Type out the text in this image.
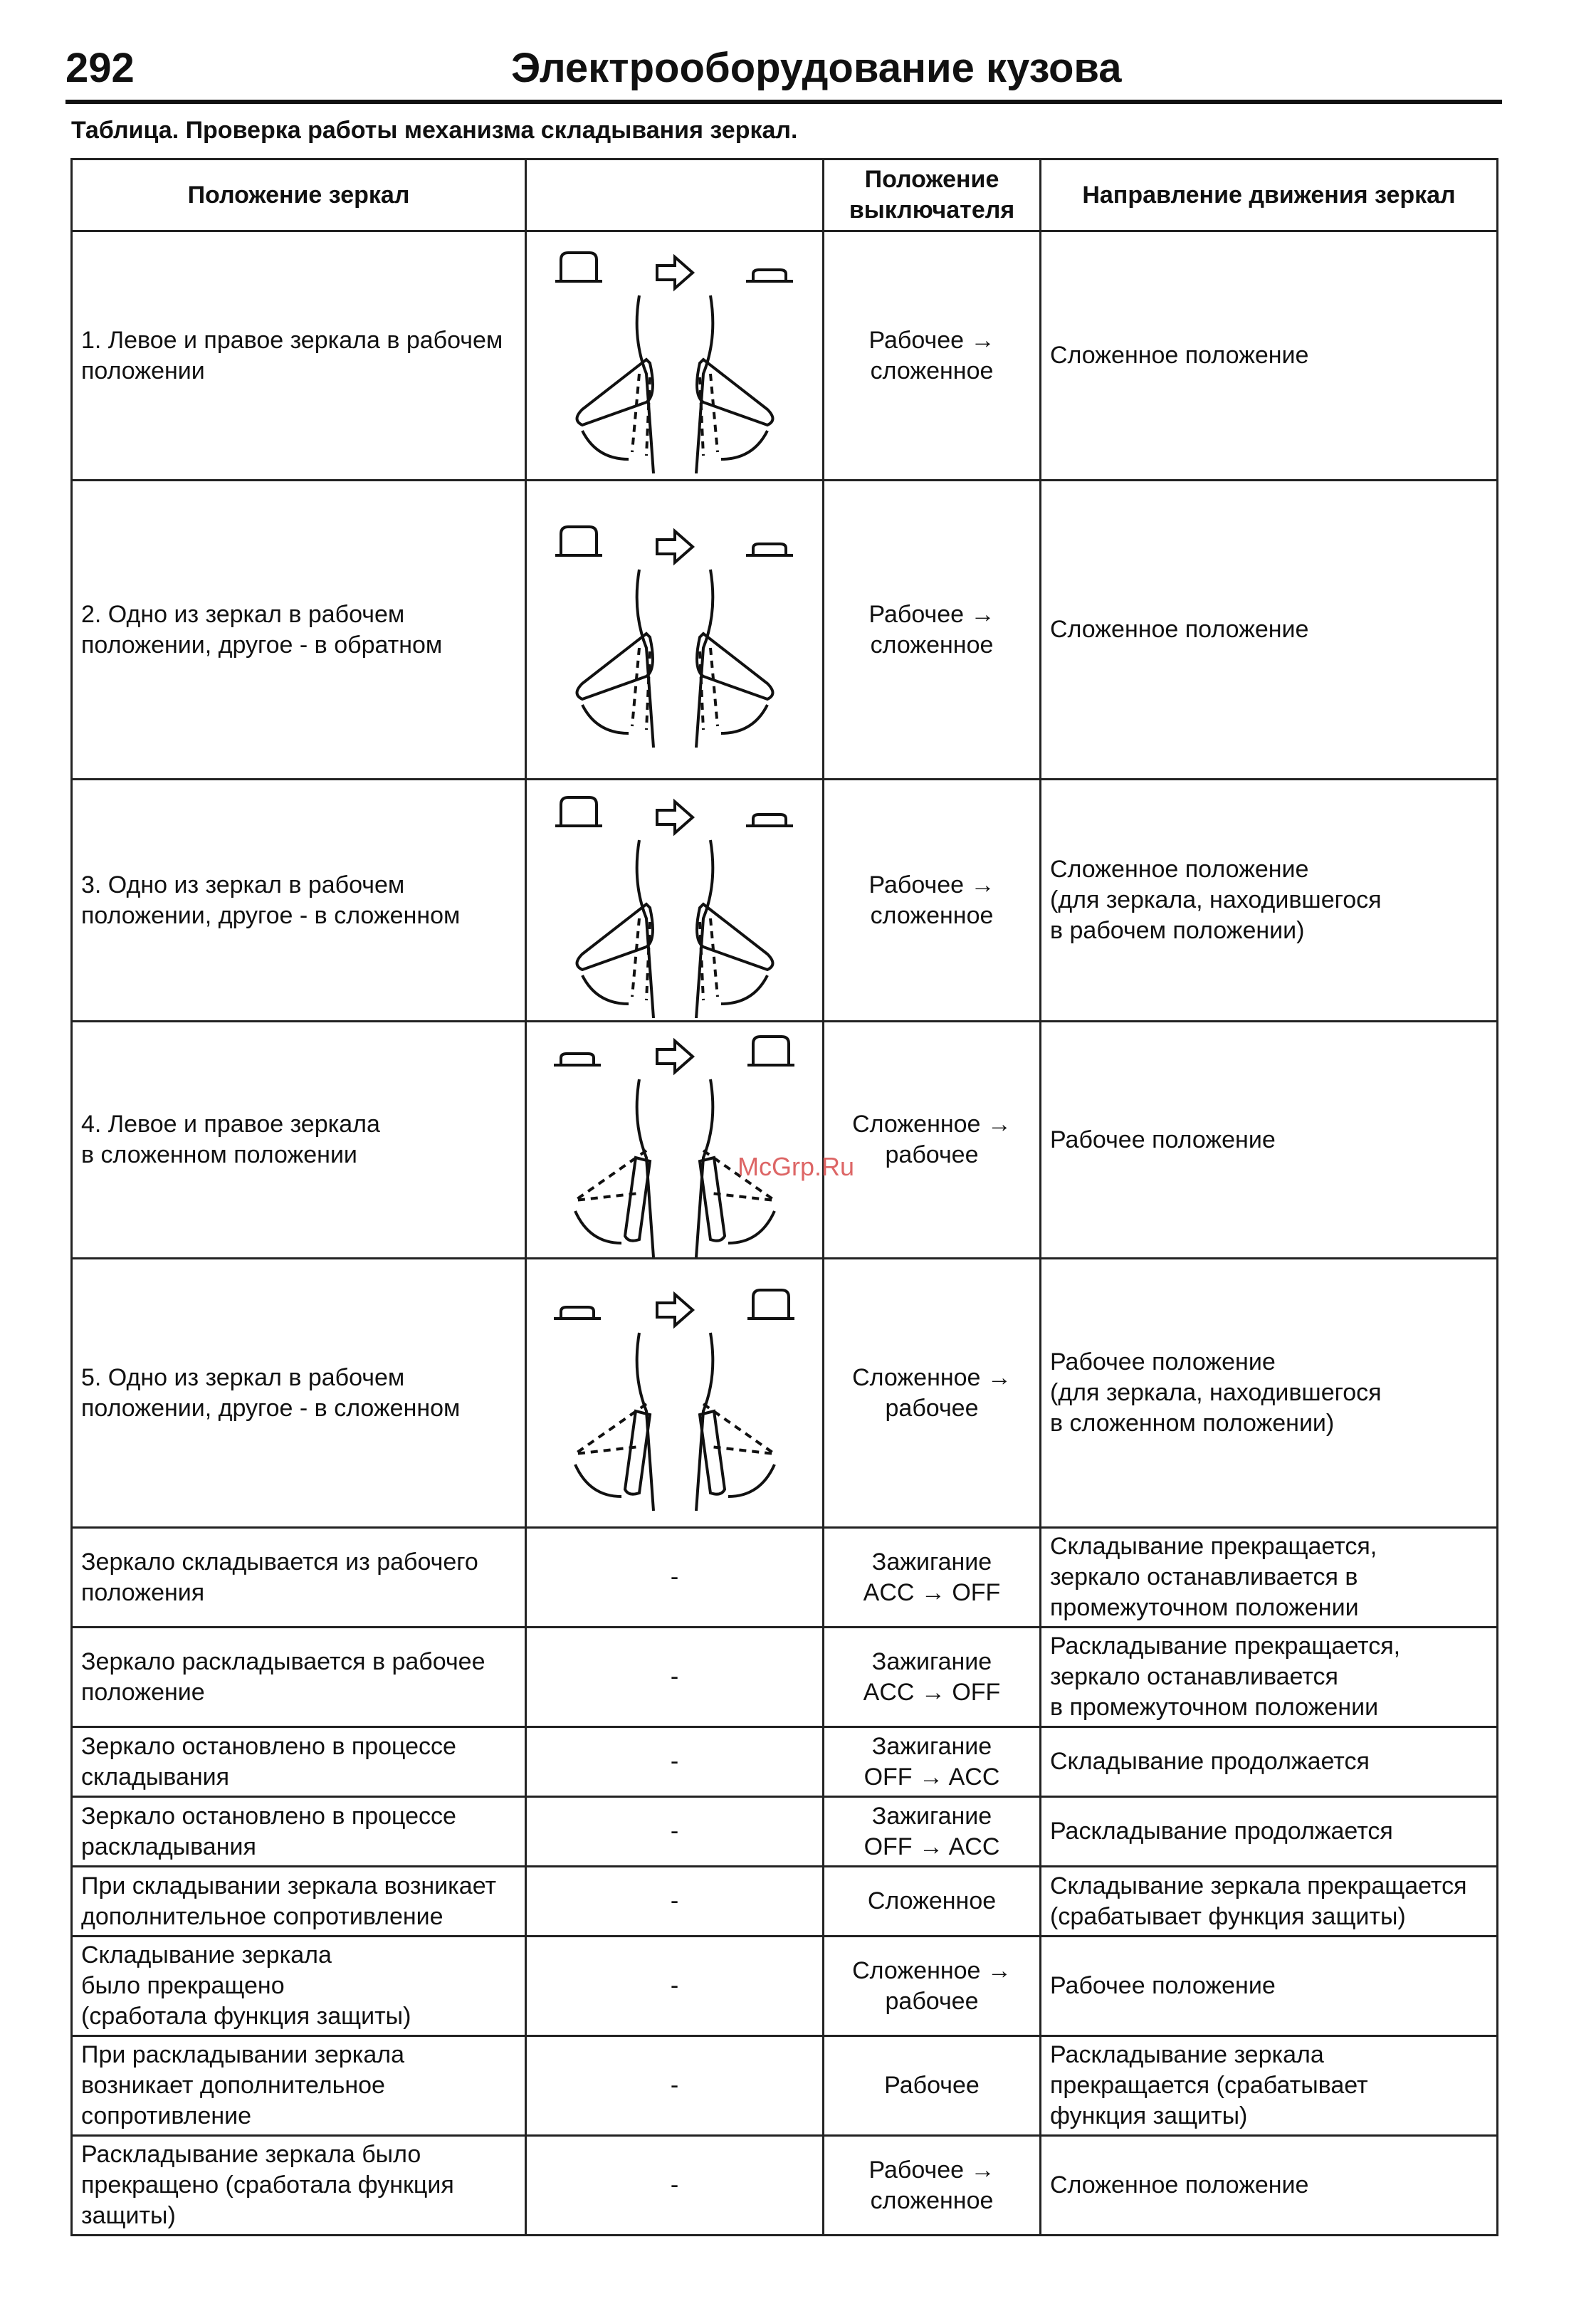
292	Электрооборудование кузова
Таблица. Проверка работы механизма складывания зеркал.
Положение зеркал		Положение
выключателя	Направление движения зеркал

1. Левое и правое зеркала в рабочем
положении		Рабочее →
сложенное	Сложенное положение

2. Одно из зеркал в рабочем
положении, другое - в обратном		Рабочее →
сложенное	Сложенное положение

3. Одно из зеркал в рабочем
положении, другое - в сложенном		Рабочее →
сложенное	Сложенное положение
(для зеркала, находившегося
в рабочем положении)

4. Левое и правое зеркала
в сложенном положении		Сложенное →
рабочее	Рабочее положение

5. Одно из зеркал в рабочем
положении, другое - в сложенном		Сложенное →
рабочее	Рабочее положение
(для зеркала, находившегося
в сложенном положении)

Зеркало складывается из рабочего
положения	-	Зажигание
ACC → OFF	Складывание прекращается,
зеркало останавливается в
промежуточном положении

Зеркало раскладывается в рабочее
положение	-	Зажигание
ACC → OFF	Раскладывание прекращается,
зеркало останавливается
в промежуточном положении

Зеркало остановлено в процессе
складывания	-	Зажигание
OFF → ACC	Складывание продолжается

Зеркало остановлено в процессе
раскладывания	-	Зажигание
OFF → ACC	Раскладывание продолжается

При складывании зеркала возникает
дополнительное сопротивление	-	Сложенное	Складывание зеркала прекращается
(срабатывает функция защиты)

Складывание зеркала
было прекращено
(сработала функция защиты)	-	Сложенное →
рабочее	Рабочее положение

При раскладывании зеркала
возникает дополнительное
сопротивление	-	Рабочее	Раскладывание зеркала
прекращается (срабатывает
функция защиты)

Раскладывание зеркала было
прекращено (сработала функция
защиты)	-	Рабочее →
сложенное	Сложенное положение
McGrp.Ru
